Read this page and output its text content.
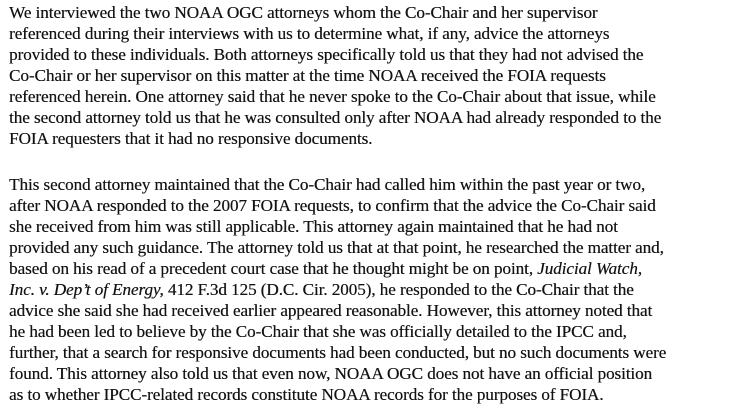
We interviewed the two NOAA OGC attorneys whom the Co-Chair and her supervisor
referenced during their interviews with us to determine what, if any, advice the attorneys
provided to these individuals. Both attorneys specifically told us that they had not advised the
Co-Chair or her supervisor on this matter at the time NOAA received the FOIA requests
referenced herein. One attorney said that he never spoke to the Co-Chair about that issue, while
the second attorney told us that he was consulted only after NOAA had already responded to the
FOIA requesters that it had no responsive documents.

This second attorney maintained that the Co-Chair had called him within the past year or two,
after NOAA responded to the 2007 FOIA requests, to confirm that the advice the Co-Chair said
she received from him was still applicable. This attorney again maintained that he had not
provided any such guidance. The attorney told us that at that point, he researched the matter and,
based on his read of a precedent court case that he thought might be on point, Judicial Watch,
Inc. v. Dep’t of Energy, 412 F.3d 125 (D.C. Cir. 2005), he responded to the Co-Chair that the
advice she said she had received earlier appeared reasonable. However, this attorney noted that
he had been led to believe by the Co-Chair that she was officially detailed to the IPCC and,
further, that a search for responsive documents had been conducted, but no such documents were
found. This attorney also told us that even now, NOAA OGC does not have an official position
as to whether IPCC-related records constitute NOAA records for the purposes of FOIA.
